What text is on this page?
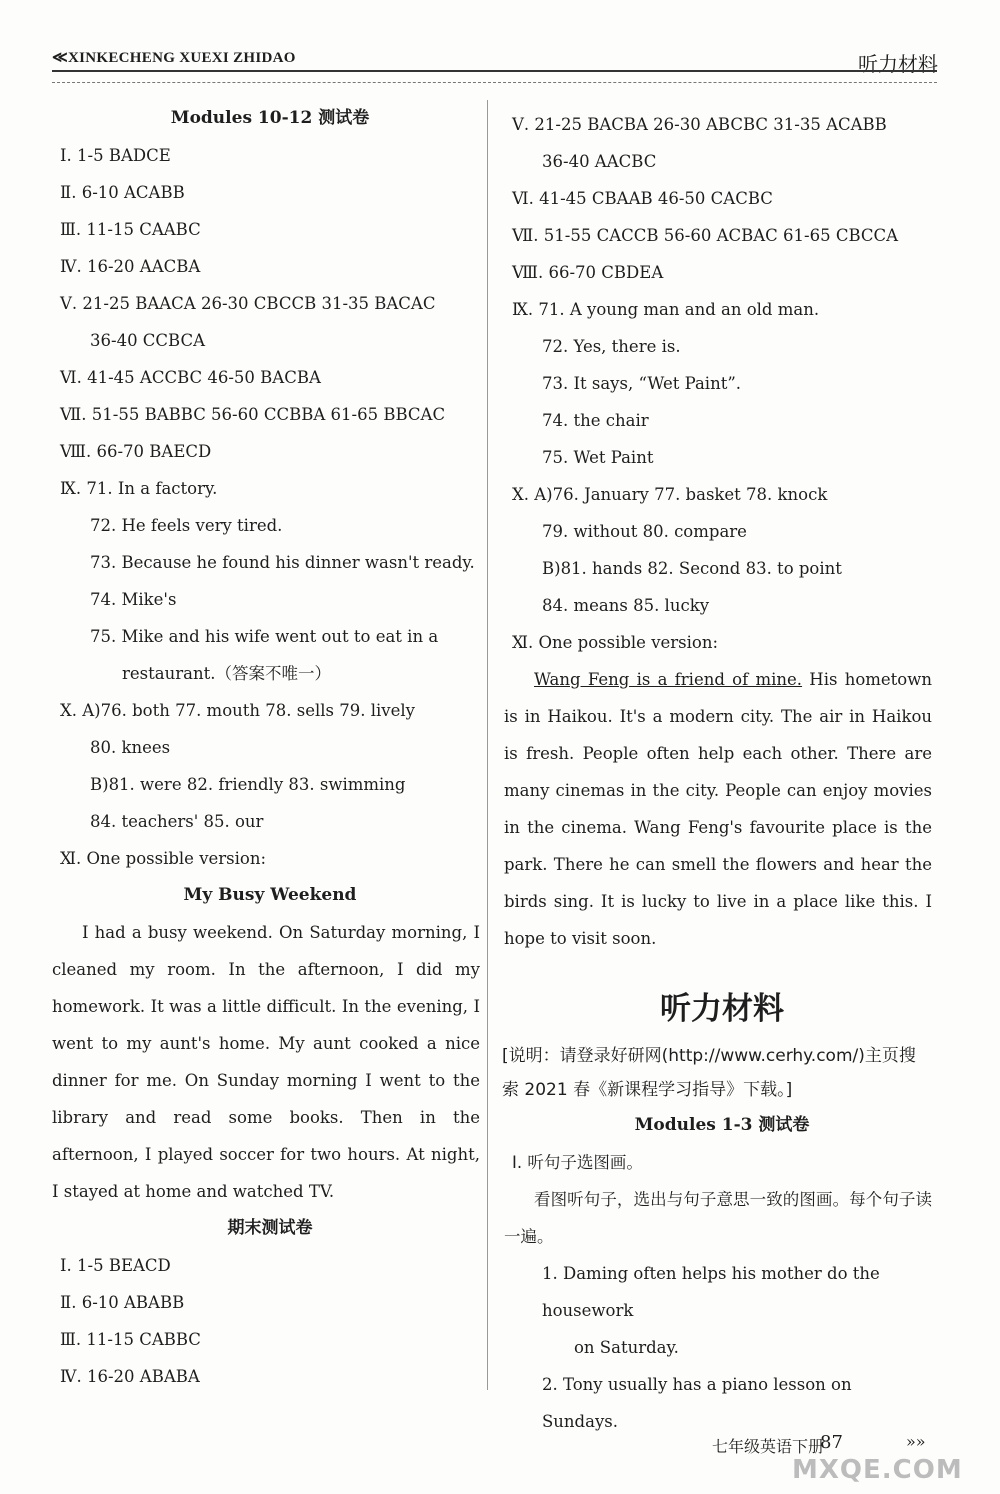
≪XINKECHENG XUEXI ZHIDAO	听力材料
Modules 10-12 测试卷
Ⅰ. 1-5 BADCE
Ⅱ. 6-10 ACABB
Ⅲ. 11-15 CAABC
Ⅳ. 16-20 AACBA
Ⅴ. 21-25 BAACA 26-30 CBCCB 31-35 BACAC
36-40 CCBCA
Ⅵ. 41-45 ACCBC 46-50 BACBA
Ⅶ. 51-55 BABBC 56-60 CCBBA 61-65 BBCAC
Ⅷ. 66-70 BAECD
Ⅸ. 71. In a factory.
72. He feels very tired.
73. Because he found his dinner wasn't ready.
74. Mike's
75. Mike and his wife went out to eat in a
restaurant.（答案不唯一）
Ⅹ. A)76. both 77. mouth 78. sells 79. lively
80. knees
B)81. were 82. friendly 83. swimming
84. teachers' 85. our
Ⅺ. One possible version:
My Busy Weekend
I had a busy weekend. On Saturday morning, I cleaned my room. In the afternoon, I did my homework. It was a little difficult. In the evening, I went to my aunt's home. My aunt cooked a nice dinner for me. On Sunday morning I went to the library and read some books. Then in the afternoon, I played soccer for two hours. At night, I stayed at home and watched TV.
期末测试卷
Ⅰ. 1-5 BEACD
Ⅱ. 6-10 ABABB
Ⅲ. 11-15 CABBC
Ⅳ. 16-20 ABABA
Ⅴ. 21-25 BACBA 26-30 ABCBC 31-35 ACABB
36-40 AACBC
Ⅵ. 41-45 CBAAB 46-50 CACBC
Ⅶ. 51-55 CACCB 56-60 ACBAC 61-65 CBCCA
Ⅷ. 66-70 CBDEA
Ⅸ. 71. A young man and an old man.
72. Yes, there is.
73. It says, “Wet Paint”.
74. the chair
75. Wet Paint
Ⅹ. A)76. January 77. basket 78. knock
79. without 80. compare
B)81. hands 82. Second 83. to point
84. means 85. lucky
Ⅺ. One possible version:
Wang Feng is a friend of mine. His hometown is in Haikou. It's a modern city. The air in Haikou is fresh. People often help each other. There are many cinemas in the city. People can enjoy movies in the cinema. Wang Feng's favourite place is the park. There he can smell the flowers and hear the birds sing. It is lucky to live in a place like this. I hope to visit soon.
听力材料
[说明：请登录好研网(http://www.cerhy.com/)主页搜索 2021 春《新课程学习指导》下载。]
Modules 1-3 测试卷
Ⅰ. 听句子选图画。
看图听句子，选出与句子意思一致的图画。每个句子读一遍。
1. Daming often helps his mother do the housework
on Saturday.
2. Tony usually has a piano lesson on Sundays.
七年级英语下册
87	»»
MXQE.COM
